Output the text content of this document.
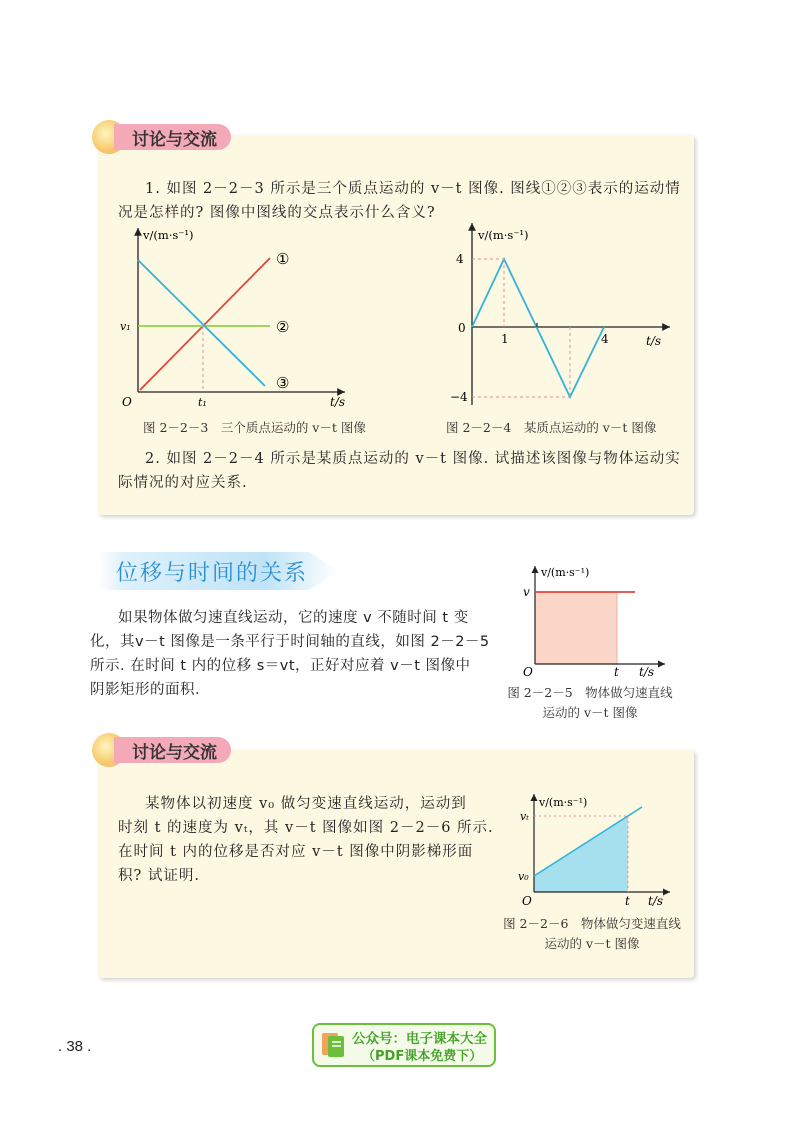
讨论与交流
1. 如图 2－2－3 所示是三个质点运动的 v－t 图像. 图线①②③表示的运动情
况是怎样的? 图像中图线的交点表示什么含义?
v/(m·s⁻¹)
v₁
t₁
O	t/s
①
②
③
图 2－2－3　三个质点运动的 v－t 图像
v/(m·s⁻¹)
4
0
−4
1	4	t/s
图 2－2－4　某质点运动的 v－t 图像
2. 如图 2－2－4 所示是某质点运动的 v－t 图像. 试描述该图像与物体运动实
际情况的对应关系.
位移与时间的关系
如果物体做匀速直线运动，它的速度 v 不随时间 t 变
化，其v－t 图像是一条平行于时间轴的直线，如图 2－2－5
所示. 在时间 t 内的位移 s＝vt，正好对应着 v－t 图像中
阴影矩形的面积.
v/(m·s⁻¹)
v
O	t t/s
图 2－2－5　物体做匀速直线
运动的 v－t 图像
讨论与交流
某物体以初速度 v₀ 做匀变速直线运动，运动到
时刻 t 的速度为 vₜ，其 v－t 图像如图 2－2－6 所示.
在时间 t 内的位移是否对应 v－t 图像中阴影梯形面
积? 试证明.
v/(m·s⁻¹)
vₜ
v₀
O	t t/s
图 2－2－6　物体做匀变速直线
运动的 v－t 图像
. 38 .	公众号：电子课本大全
（PDF课本免费下）
